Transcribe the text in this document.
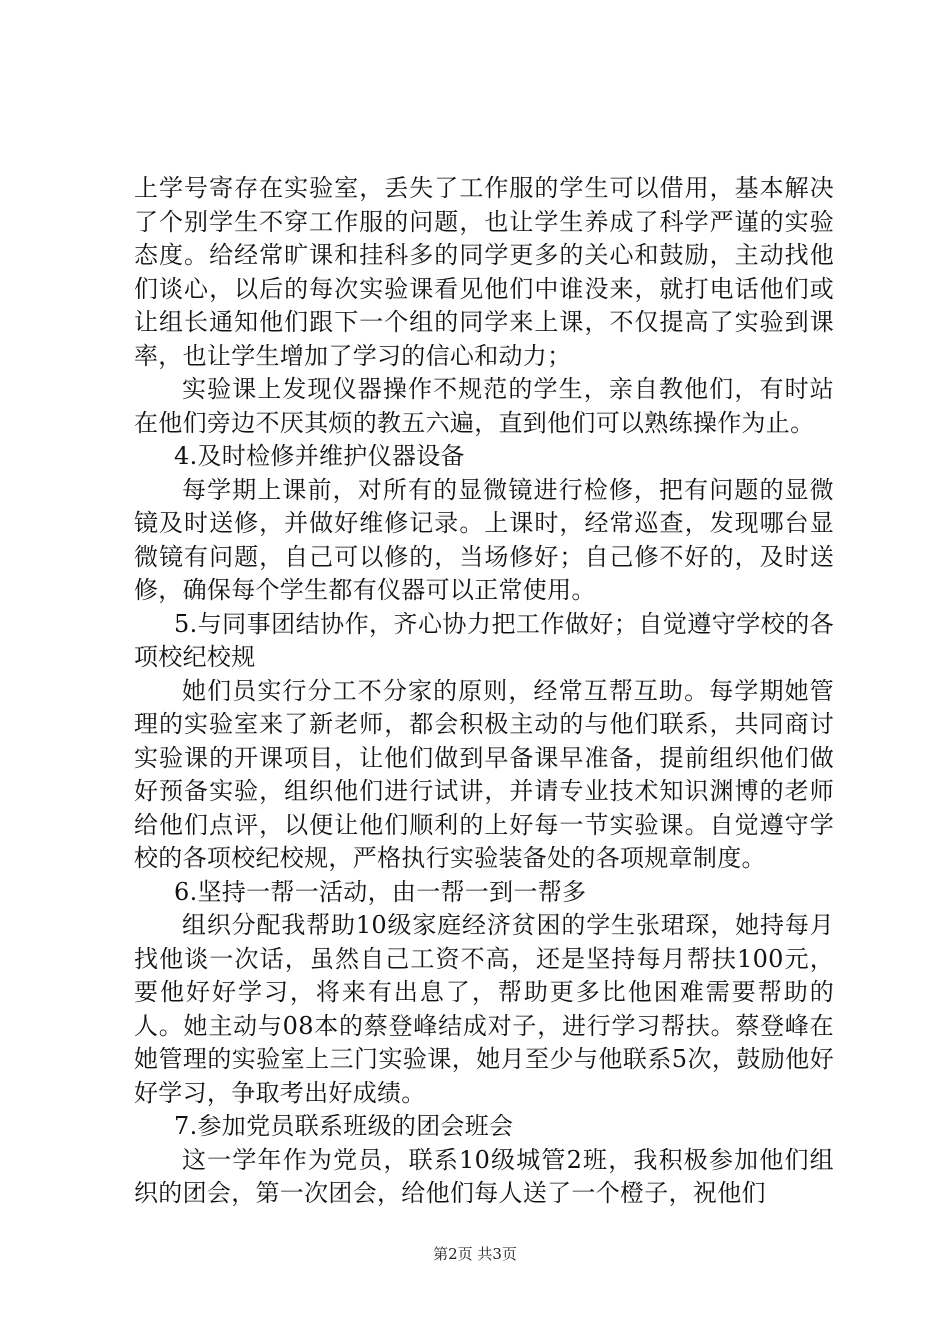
上学号寄存在实验室，丢失了工作服的学生可以借用，基本解决了个别学生不穿工作服的问题，也让学生养成了科学严谨的实验态度。给经常旷课和挂科多的同学更多的关心和鼓励，主动找他们谈心，以后的每次实验课看见他们中谁没来，就打电话他们或让组长通知他们跟下一个组的同学来上课，不仅提高了实验到课率，也让学生增加了学习的信心和动力；

实验课上发现仪器操作不规范的学生，亲自教他们，有时站在他们旁边不厌其烦的教五六遍，直到他们可以熟练操作为止。

4.及时检修并维护仪器设备

每学期上课前，对所有的显微镜进行检修，把有问题的显微镜及时送修，并做好维修记录。上课时，经常巡查，发现哪台显微镜有问题，自己可以修的，当场修好；自己修不好的，及时送修，确保每个学生都有仪器可以正常使用。

5.与同事团结协作，齐心协力把工作做好；自觉遵守学校的各项校纪校规

她们员实行分工不分家的原则，经常互帮互助。每学期她管理的实验室来了新老师，都会积极主动的与他们联系，共同商讨实验课的开课项目，让他们做到早备课早准备，提前组织他们做好预备实验，组织他们进行试讲，并请专业技术知识渊博的老师给他们点评，以便让他们顺利的上好每一节实验课。自觉遵守学校的各项校纪校规，严格执行实验装备处的各项规章制度。

6.坚持一帮一活动，由一帮一到一帮多

组织分配我帮助10级家庭经济贫困的学生张珺琛，她持每月找他谈一次话，虽然自己工资不高，还是坚持每月帮扶100元，要他好好学习，将来有出息了，帮助更多比他困难需要帮助的人。她主动与08本的蔡登峰结成对子，进行学习帮扶。蔡登峰在她管理的实验室上三门实验课，她月至少与他联系5次，鼓励他好好学习，争取考出好成绩。

7.参加党员联系班级的团会班会

这一学年作为党员，联系10级城管2班，我积极参加他们组织的团会，第一次团会，给他们每人送了一个橙子，祝他们

第2页 共3页
